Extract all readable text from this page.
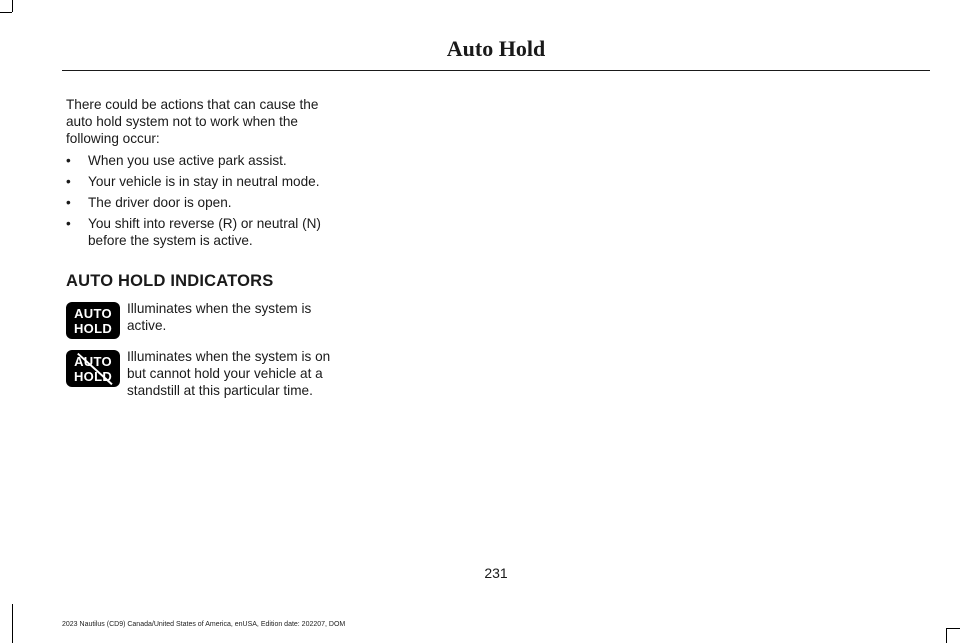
Auto Hold

There could be actions that can cause the auto hold system not to work when the following occur:

• When you use active park assist.
• Your vehicle is in stay in neutral mode.
• The driver door is open.
• You shift into reverse (R) or neutral (N) before the system is active.
AUTO HOLD INDICATORS
AUTO
HOLD
Illuminates when the system is active.
AUTO
HOLD
Illuminates when the system is on but cannot hold your vehicle at a standstill at this particular time.
231
2023 Nautilus (CD9) Canada/United States of America, enUSA, Edition date: 202207, DOM
